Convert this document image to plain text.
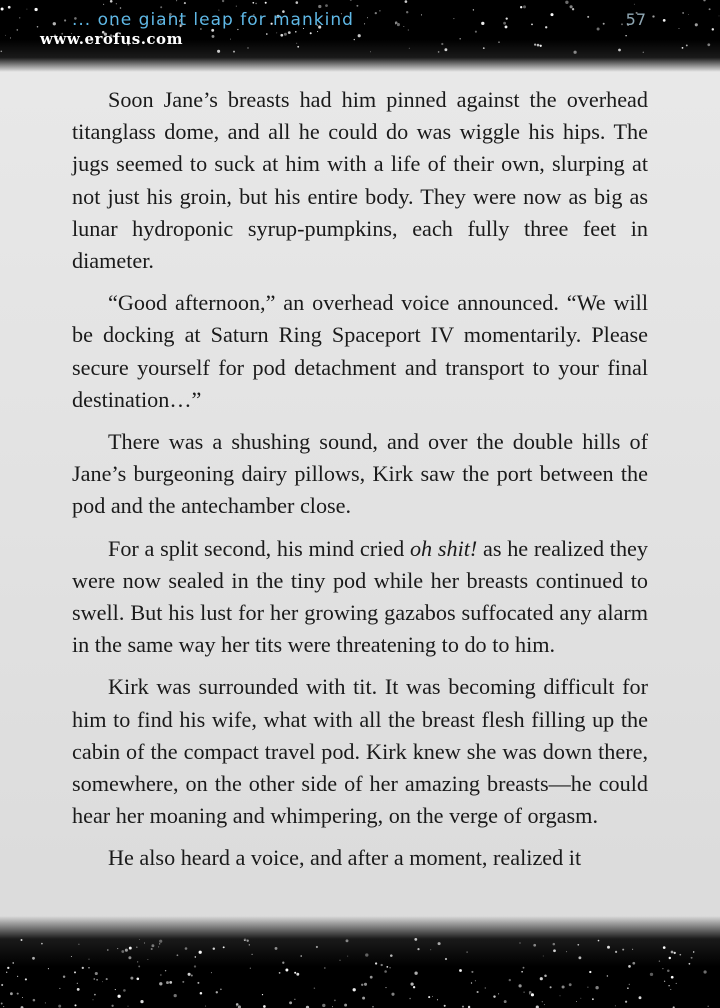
... one giant leap for mankind	57
www.erofus.com

Soon Jane’s breasts had him pinned against the overhead titanglass dome, and all he could do was wiggle his hips. The jugs seemed to suck at him with a life of their own, slurping at not just his groin, but his entire body. They were now as big as lunar hydroponic syrup-pumpkins, each fully three feet in diameter.

“Good afternoon,” an overhead voice announced. “We will be docking at Saturn Ring Spaceport IV momentarily. Please secure yourself for pod detachment and transport to your final destination…”

There was a shushing sound, and over the double hills of Jane’s burgeoning dairy pillows, Kirk saw the port between the pod and the antechamber close.

For a split second, his mind cried oh shit! as he realized they were now sealed in the tiny pod while her breasts continued to swell. But his lust for her growing gazabos suffocated any alarm in the same way her tits were threatening to do to him.

Kirk was surrounded with tit. It was becoming difficult for him to find his wife, what with all the breast flesh filling up the cabin of the compact travel pod. Kirk knew she was down there, somewhere, on the other side of her amazing breasts—he could hear her moaning and whimpering, on the verge of orgasm.

He also heard a voice, and after a moment, realized it
